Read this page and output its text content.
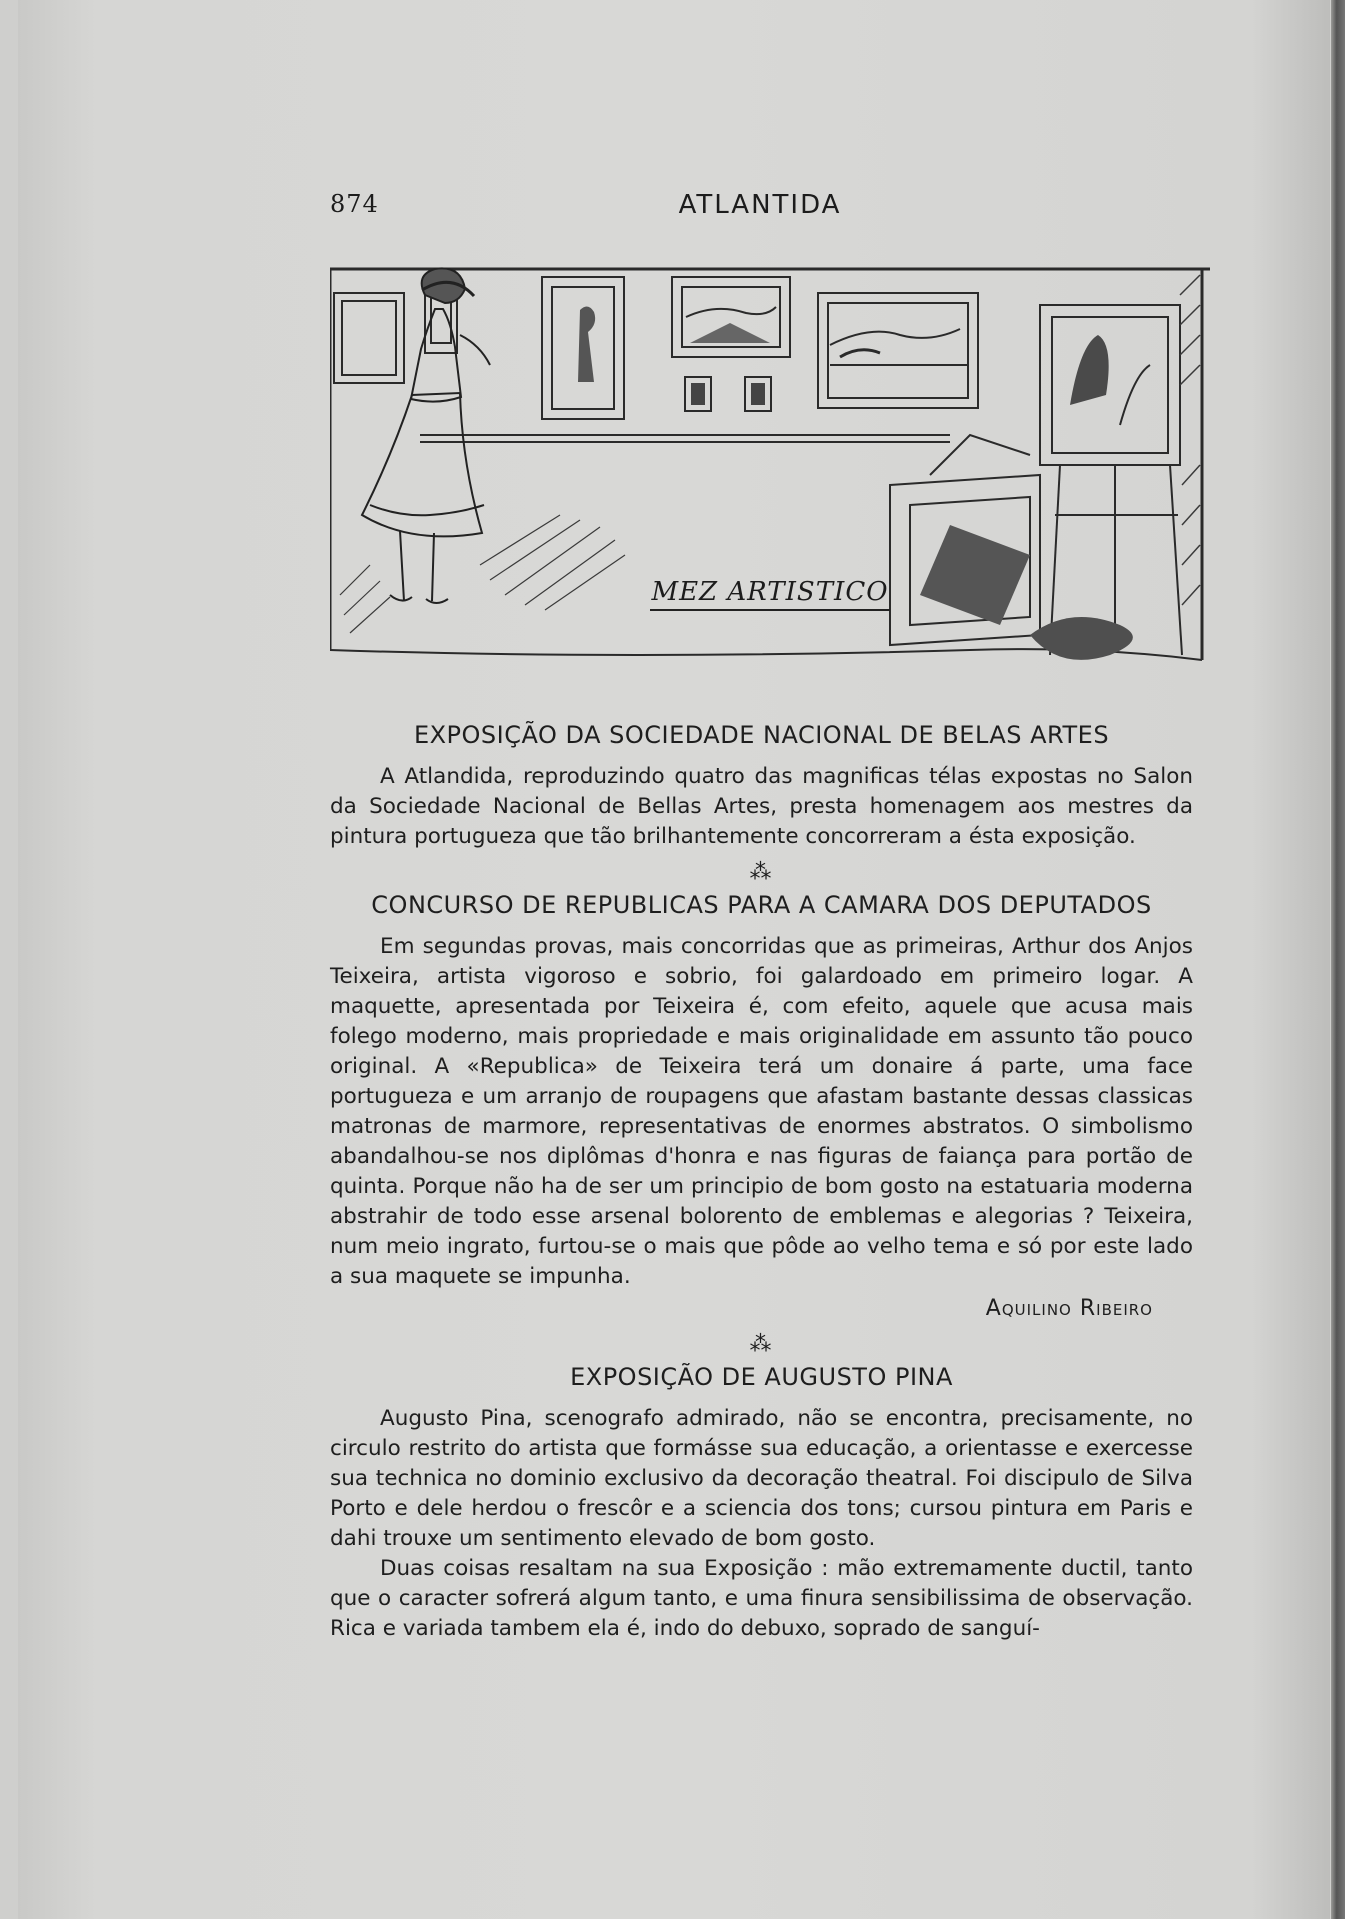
874	ATLANTIDA
MEZ ARTISTICO
EXPOSIÇÃO DA SOCIEDADE NACIONAL DE BELAS ARTES

A Atlandida, reproduzindo quatro das magnificas télas expostas no Salon da Sociedade Nacional de Bellas Artes, presta homenagem aos mestres da pintura portugueza que tão brilhantemente concorreram a ésta exposição.

⁂
CONCURSO DE REPUBLICAS PARA A CAMARA DOS DEPUTADOS

Em segundas provas, mais concorridas que as primeiras, Arthur dos Anjos Teixeira, artista vigoroso e sobrio, foi galardoado em primeiro logar. A maquette, apresentada por Teixeira é, com efeito, aquele que acusa mais folego moderno, mais propriedade e mais originalidade em assunto tão pouco original. A «Republica» de Teixeira terá um donaire á parte, uma face portugueza e um arranjo de roupagens que afastam bastante dessas classicas matronas de marmore, representativas de enormes abstratos. O simbolismo abandalhou-se nos diplômas d'honra e nas figuras de faiança para portão de quinta. Porque não ha de ser um principio de bom gosto na estatuaria moderna abstrahir de todo esse arsenal bolorento de emblemas e alegorias ? Teixeira, num meio ingrato, furtou-se o mais que pôde ao velho tema e só por este lado a sua maquete se impunha.

Aquilino Ribeiro
⁂
EXPOSIÇÃO DE AUGUSTO PINA

Augusto Pina, scenografo admirado, não se encontra, precisamente, no circulo restrito do artista que formásse sua educação, a orientasse e exercesse sua technica no dominio exclusivo da decoração theatral. Foi discipulo de Silva Porto e dele herdou o frescôr e a sciencia dos tons; cursou pintura em Paris e dahi trouxe um sentimento elevado de bom gosto.

Duas coisas resaltam na sua Exposição : mão extremamente ductil, tanto que o caracter sofrerá algum tanto, e uma finura sensibilissima de observação. Rica e variada tambem ela é, indo do debuxo, soprado de sanguí-
